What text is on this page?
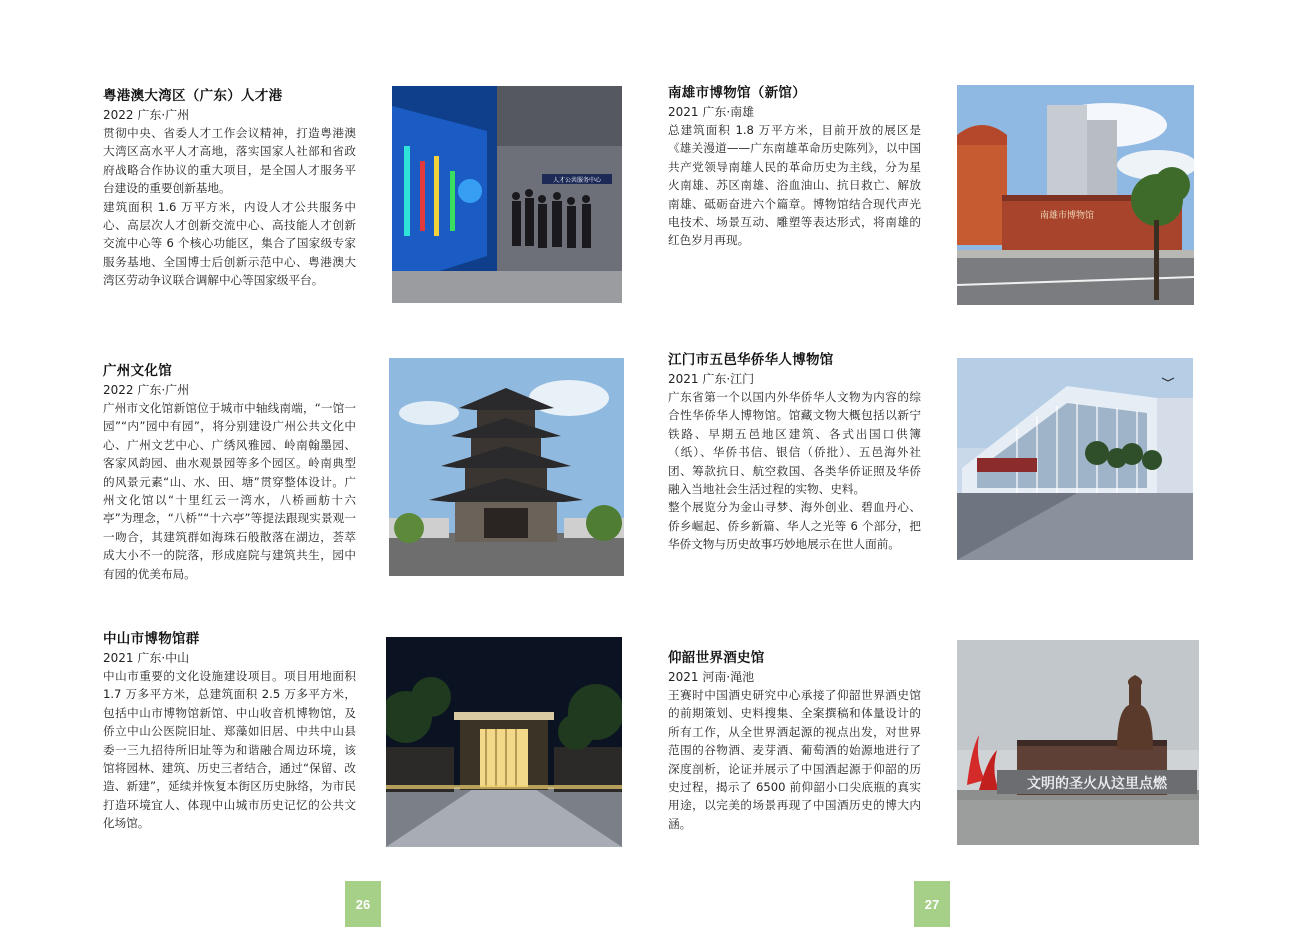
粤港澳大湾区（广东）人才港
2022 广东·广州

贯彻中央、省委人才工作会议精神，打造粤港澳大湾区高水平人才高地，落实国家人社部和省政府战略合作协议的重大项目，是全国人才服务平台建设的重要创新基地。

建筑面积 1.6 万平方米，内设人才公共服务中心、高层次人才创新交流中心、高技能人才创新交流中心等 6 个核心功能区，集合了国家级专家服务基地、全国博士后创新示范中心、粤港澳大湾区劳动争议联合调解中心等国家级平台。

人才公共服务中心
广州文化馆
2022 广东·广州

广州市文化馆新馆位于城市中轴线南端，“一馆一园”“内”园中有园”，将分别建设广州公共文化中心、广州文艺中心、广绣风雅园、岭南翰墨园、客家风韵园、曲水观景园等多个园区。岭南典型的风景元素“山、水、田、塘”贯穿整体设计。广州文化馆以“十里红云一湾水，八桥画舫十六亭”为理念，“八桥”“十六亭”等提法跟现实景观一一吻合，其建筑群如海珠石般散落在湖边，荟萃成大小不一的院落，形成庭院与建筑共生，园中有园的优美布局。

中山市博物馆群
2021 广东·中山

中山市重要的文化设施建设项目。项目用地面积 1.7 万多平方米，总建筑面积 2.5 万多平方米，包括中山市博物馆新馆、中山收音机博物馆，及侨立中山公医院旧址、郑藻如旧居、中共中山县委一三九招待所旧址等为和谐融合周边环境，该馆将园林、建筑、历史三者结合，通过“保留、改造、新建”，延续并恢复本街区历史脉络，为市民打造环境宜人、体现中山城市历史记忆的公共文化场馆。

26
南雄市博物馆（新馆）
2021 广东·南雄

总建筑面积 1.8 万平方米，目前开放的展区是《雄关漫道——广东南雄革命历史陈列》，以中国共产党领导南雄人民的革命历史为主线，分为星火南雄、苏区南雄、浴血油山、抗日救亡、解放南雄、砥砺奋进六个篇章。博物馆结合现代声光电技术、场景互动、雕塑等表达形式，将南雄的红色岁月再现。

南雄市博物馆
江门市五邑华侨华人博物馆
2021 广东·江门

广东省第一个以国内外华侨华人文物为内容的综合性华侨华人博物馆。馆藏文物大概包括以新宁铁路、早期五邑地区建筑、各式出国口供簿（纸）、华侨书信、银信（侨批）、五邑海外社团、筹款抗日、航空救国、各类华侨证照及华侨融入当地社会生活过程的实物、史料。

整个展览分为金山寻梦、海外创业、碧血丹心、侨乡崛起、侨乡新篇、华人之光等 6 个部分，把华侨文物与历史故事巧妙地展示在世人面前。

仰韶世界酒史馆
2021 河南·渑池

王赛时中国酒史研究中心承接了仰韶世界酒史馆的前期策划、史料搜集、全案撰稿和体量设计的所有工作，从全世界酒起源的视点出发，对世界范围的谷物酒、麦芽酒、葡萄酒的始源地进行了深度剖析，论证并展示了中国酒起源于仰韶的历史过程，揭示了 6500 前仰韶小口尖底瓶的真实用途，以完美的场景再现了中国酒历史的博大内涵。

文明的圣火从这里点燃
27
